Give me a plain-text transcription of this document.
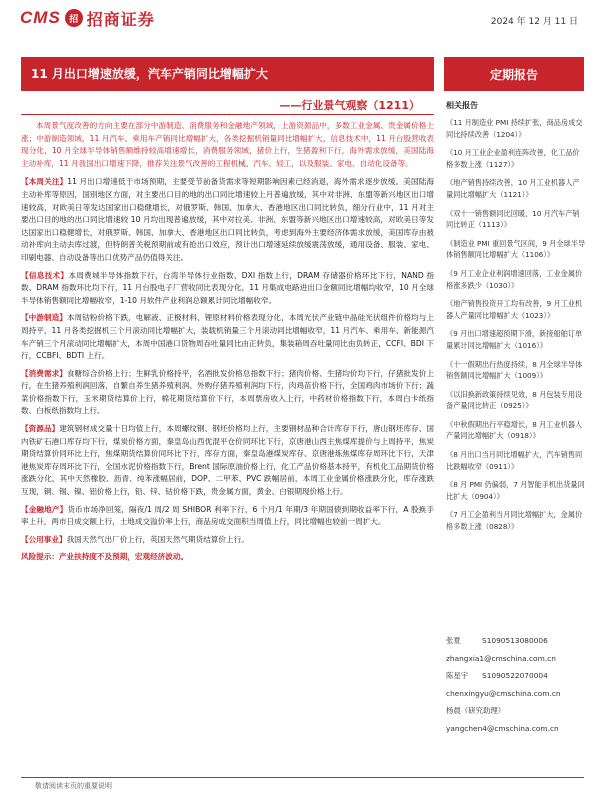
CMS 招 招商证券	2024 年 12 月 11 日
11 月出口增速放缓，汽车产销同比增幅扩大	定期报告
——行业景气观察（1211）

本周景气度改善的方向主要在部分中游制造、消费服务和金融地产领域，上游资源品中，多数工业金属、贵金属价格上涨；中游制造领域，11 月汽车、乘用车产销同比增幅扩大，各类挖掘机销量同比增幅扩大，信息技术中，11 月台股营收表现分化，10 月全球半导体销售额维持较高增速增长，消费服务领域，猪价上行，生猪盈利下行，海外需求放缓，美国陆海主动补库，11 月我国出口增速下降，推荐关注景气改善的工程机械、汽车、轻工，以及服装、家电、自动化设备等。

【本周关注】11 月出口增速低于市场预期，主要受节前备货需求等短期影响因素已经消退，海外需求逐步放缓。美国陆海主动补库等原因，国别地区方面，对主要出口目的地的出口同比增速较上月普遍放缓，其中对非洲、东盟等新兴地区出口增速较高，对欧美日等发达国家出口稳健增长，对俄罗斯、韩国、加拿大、香港地区出口同比转负，细分行业中，11 月对主要出口目的地的出口同比增速较 10 月均出现普遍放缓，其中对拉美、非洲、东盟等新兴地区出口增速较高，对欧美日等发达国家出口稳健增长，对俄罗斯、韩国、加拿大、香港地区出口同比转负，考虑到海外主要经济体需求放缓，美国库存由被动补库向主动去库过渡，但特朗普关税预期前或有抢出口效应，预计出口增速延续放缓震荡放缓，通用设备、服装、家电、印刷电器、自动设备等出口优势产品仍值得关注。

【信息技术】本周费城半导体指数下行，台湾半导体行业指数、DXI 指数上行，DRAM 存储器价格环比下行，NAND 指数、DRAM 指数环比均下行，11 月台股电子厂营收同比表现分化，11 月集成电路进出口金额同比增幅均收窄，10 月全球半导体销售额同比增幅收窄，1-10 月软件产业利润总额累计同比增幅收窄。

【中游制造】本周钴粉价格下跌，电解液、正极材料、锂原材料价格表现分化，本周光伏产业链中晶硅光伏组件价格均与上周持平，11 月各类挖掘机三个月滚动同比增幅扩大，装载机销量三个月滚动同比增幅收窄，11 月汽车、乘用车、新能源汽车产销三个月滚动同比增幅扩大，本周中国港口货物周吞吐量同比由正转负，集装箱周吞吐量同比由负转正，CCFI、BDI 下行，CCBFI、BDTI 上行。

【消费需求】食糖综合价格上行；生鲜乳价格持平，名酒批发价格总指数下行；猪肉价格、生猪均价均下行，仔猪批发价上行，在生猪养殖利润回落，自繁自养生猪养殖利润、外购仔猪养殖利润均下行，肉鸡苗价格下行，全国鸡肉市场价下行；蔬菜价格指数下行，玉米期货结算价上行，棉花期货结算价下行，本周票房收入上行，中药材价格指数下行，本周白卡纸指数、白板纸指数均上行。

【资源品】建筑钢材成交量十日均值上行，本周螺纹钢、钢坯价格均上行，主要钢材品种合计库存下行，唐山钢坯库存、国内铁矿石港口库存均下行，煤炭价格方面，秦皇岛山西优混平仓价同环比下行，京唐港山西主焦煤库提价与上周持平，焦炭期货结算价同环比上行，焦煤期货结算价同环比下行，库存方面，秦皇岛港煤炭库存、京唐港炼焦煤库存周环比下行，天津港焦炭库存周环比下行，全国水泥价格指数下行，Brent 国际原油价格上行，化工产品价格基本持平，有机化工品期货价格涨跌分化，其中天然橡胶、沥青、纯苯涨幅居前，DOP、二甲苯、PVC 跌幅居前，本周工业金属价格涨跌分化，库存涨跌互现，铜、锡、镍、铝价格上行，铅、锌、钴价格下跌，贵金属方面，黄金、白银期现价格上行。

【金融地产】货币市场净回笼，隔夜/1 周/2 周 SHIBOR 利率下行，6 个月/1 年期/3 年期国债到期收益率下行，A 股换手率上升，两市日成交额上行，土地成交溢价率上行，商品房成交面积当周值上行，同比增幅也较前一周扩大。

【公用事业】我国天然气出厂价上行，英国天然气期货结算价上行。

风险提示：产业扶持度不及预期，宏观经济波动。

相关报告
《11 月制造业 PMI 持续扩张，商品房成交同比持续改善（1204）》
《10 月工业企业盈利连阵改善，化工品价格多数上涨（1127）》
《地产销售持续改善，10 月工业机器人产量同比增幅扩大（1121）》
《双十一销售额同比回暖，10 月汽车产销同比转正（1113）》
《制造业 PMI 重回景气区间，9 月全球半导体销售额同比增幅扩大（1106）》
《9 月工业企业利润增速回落，工业金属价格涨多跌少（1030）》
《地产销售投资开工均有改善，9 月工业机器人产量同比增幅扩大（1023）》
《9 月出口增速超预期下滑，新接船舶订单量累计同比增幅扩大（1016）》
《十一假期出行热度持续，8 月全球半导体销售额同比增幅扩大（1009）》
《以旧换新政策持续见效，8 月包装专用设备产量同比转正（0925）》
《中秋假期出行平稳增长，8 月工业机器人产量同比增幅扩大（0918）》
《8 月出口当月同比增幅扩大，汽车销售同比跌幅收窄（0911）》
《8 月 PMI 仍偏弱，7 月智能手机出货量同比扩大（0904）》
《7 月工企盈利当月同比增幅扩大，金属价格多数上涨（0828）》
张夏	S1090513080006
zhangxia1@cmschina.com.cn
陈星宇	S1090522070004
chenxingyu@cmschina.com.cn
杨晨（研究助理）
yangchen4@cmschina.com.cn
敬请阅读末页的重要说明
